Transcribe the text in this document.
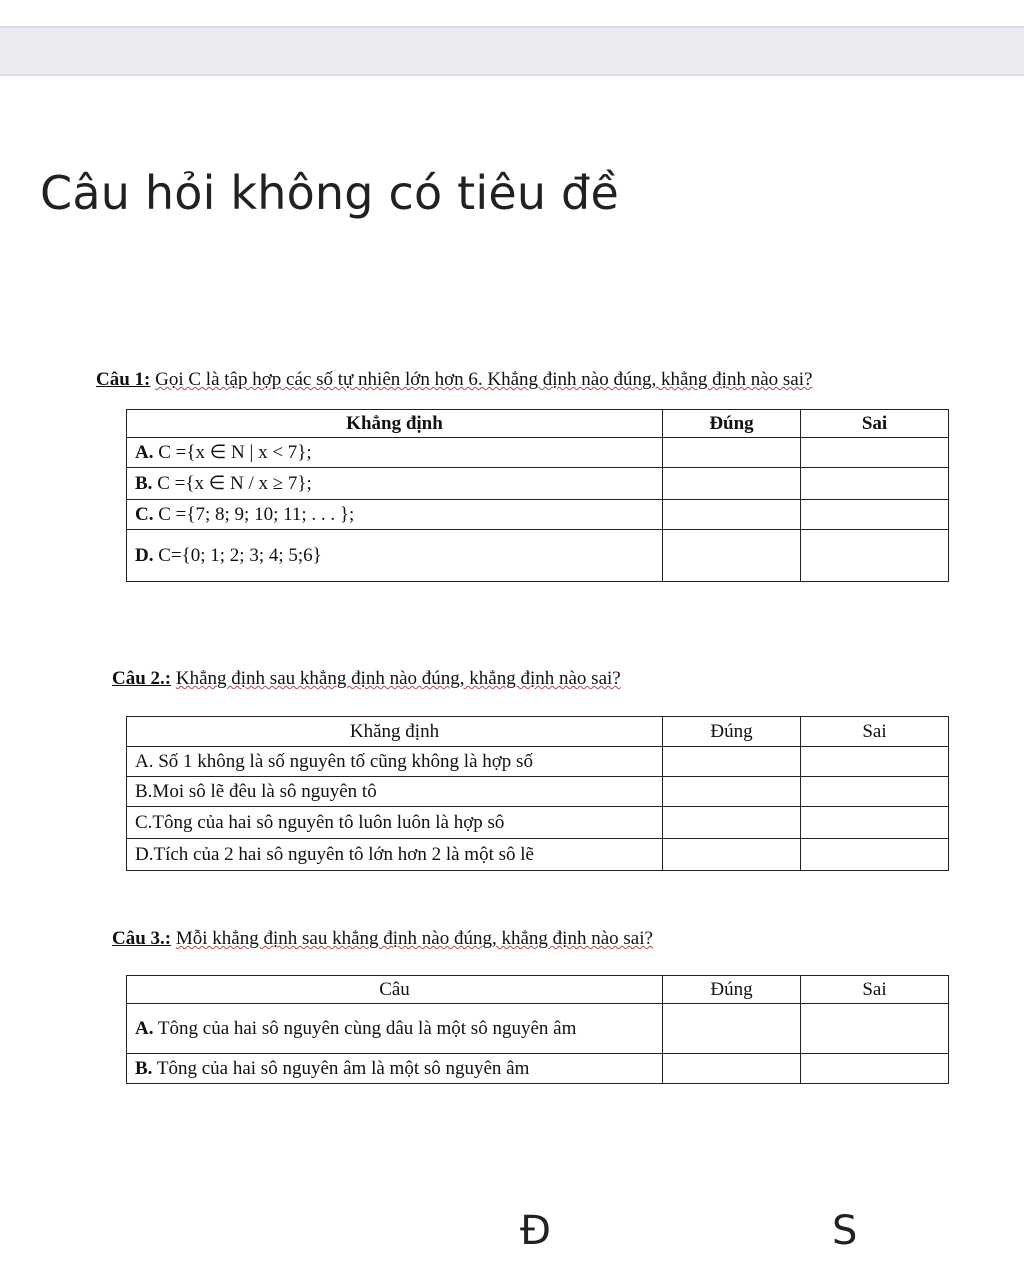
Câu hỏi không có tiêu đề
Câu 1: Gọi C là tập hợp các số tự nhiên lớn hơn 6. Khẳng định nào đúng, khẳng định nào sai?
Khẳng định	Đúng	Sai
A. C ={x ∈ N | x < 7};		
B. C ={x ∈ N / x ≥ 7};		
C. C ={7; 8; 9; 10; 11; . . . };		
D. C={0; 1; 2; 3; 4; 5;6}		
Câu 2.: Khẳng định sau khẳng định nào đúng, khẳng định nào sai?
Khăng định	Đúng	Sai
A. Số 1 không là số nguyên tố cũng không là hợp số		
B.Moi sô lẽ đêu là sô nguyên tô		
C.Tông của hai sô nguyên tô luôn luôn là hợp sô		
D.Tích của 2 hai sô nguyên tô lớn hơn 2 là một sô lẽ		
Câu 3.: Mỗi khẳng định sau khẳng định nào đúng, khẳng định nào sai?
Câu	Đúng	Sai
A. Tông của hai sô nguyên cùng dâu là một sô nguyên âm		
B. Tông của hai sô nguyên âm là một sô nguyên âm		
Đ	S
